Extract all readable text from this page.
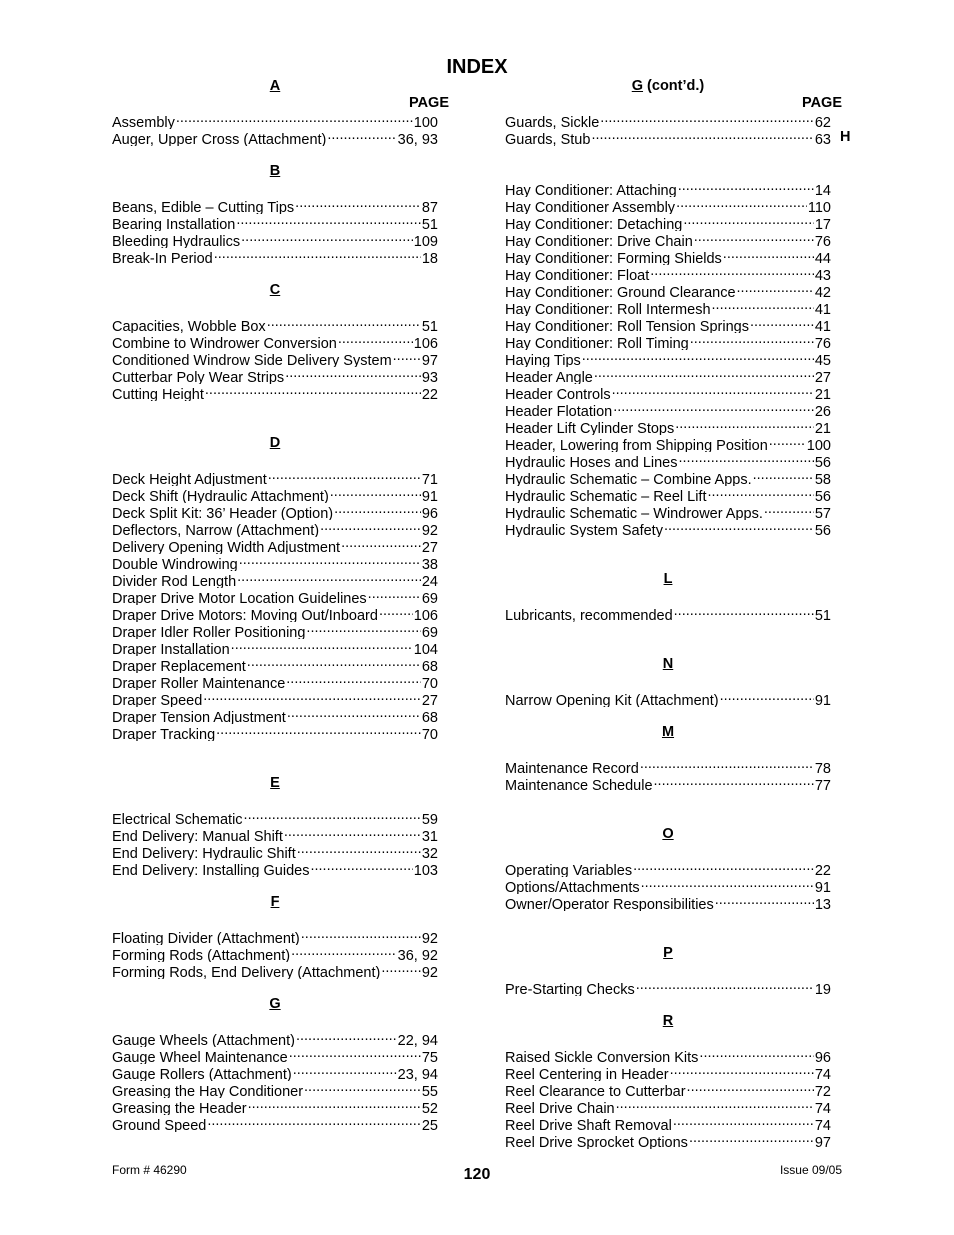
INDEX
A
PAGE
Assembly .....	100
Auger, Upper Cross (Attachment) .....	36, 93
B
Beans, Edible – Cutting Tips .....	87
Bearing Installation .....	51
Bleeding Hydraulics .....	109
Break-In Period .....	18
C
Capacities, Wobble Box .....	51
Combine to Windrower Conversion .....	106
Conditioned Windrow Side Delivery System ..... 97
Cutterbar Poly Wear Strips .....	93
Cutting Height .....	22
D
Deck Height Adjustment .....	71
Deck Shift (Hydraulic Attachment) .....	91
Deck Split Kit: 36’ Header (Option) .....	96
Deflectors, Narrow (Attachment) .....	92
Delivery Opening Width Adjustment .....	27
Double Windrowing .....	38
Divider Rod Length .....	24
Draper Drive Motor Location Guidelines .....	69
Draper Drive Motors: Moving Out/Inboard ..... 106
Draper Idler Roller Positioning .....	69
Draper Installation .....	104
Draper Replacement .....	68
Draper Roller Maintenance .....	70
Draper Speed .....	27
Draper Tension Adjustment .....	68
Draper Tracking .....	70
E
Electrical Schematic .....	59
End Delivery: Manual Shift .....	31
End Delivery: Hydraulic Shift .....	32
End Delivery: Installing Guides .....	103
F
Floating Divider (Attachment) .....	92
Forming Rods (Attachment) .....	36, 92
Forming Rods, End Delivery (Attachment) .....	92
G
Gauge Wheels (Attachment) .....	22, 94
Gauge Wheel Maintenance .....	75
Gauge Rollers (Attachment) .....	23, 94
Greasing the Hay Conditioner .....	55
Greasing the Header .....	52
Ground Speed .....	25
G (cont’d.)
PAGE
Guards, Sickle .....	62
Guards, Stub .....	63
Hay Conditioner: Attaching .....	14
Hay Conditioner Assembly .....	110
Hay Conditioner: Detaching .....	17
Hay Conditioner: Drive Chain .....	76
Hay Conditioner: Forming Shields .....	44
Hay Conditioner: Float .....	43
Hay Conditioner: Ground Clearance .....	42
Hay Conditioner: Roll Intermesh .....	41
Hay Conditioner: Roll Tension Springs .....	41
Hay Conditioner: Roll Timing .....	76
Haying Tips .....	45
Header Angle .....	27
Header Controls .....	21
Header Flotation .....	26
Header Lift Cylinder Stops .....	21
Header, Lowering from Shipping Position .....	100
Hydraulic Hoses and Lines .....	56
Hydraulic Schematic – Combine Apps. .....	58
Hydraulic Schematic – Reel Lift .....	56
Hydraulic Schematic – Windrower Apps. .....	57
Hydraulic System Safety .....	56
L
Lubricants, recommended .....	51
N
Narrow Opening Kit (Attachment) .....	91
M
Maintenance Record .....	78
Maintenance Schedule .....	77
O
Operating Variables .....	22
Options/Attachments .....	91
Owner/Operator Responsibilities .....	13
P
Pre-Starting Checks .....	19
R
Raised Sickle Conversion Kits .....	96
Reel Centering in Header .....	74
Reel Clearance to Cutterbar .....	72
Reel Drive Chain .....	74
Reel Drive Shaft Removal .....	74
Reel Drive Sprocket Options .....	97
H
Form # 46290	120	Issue 09/05
